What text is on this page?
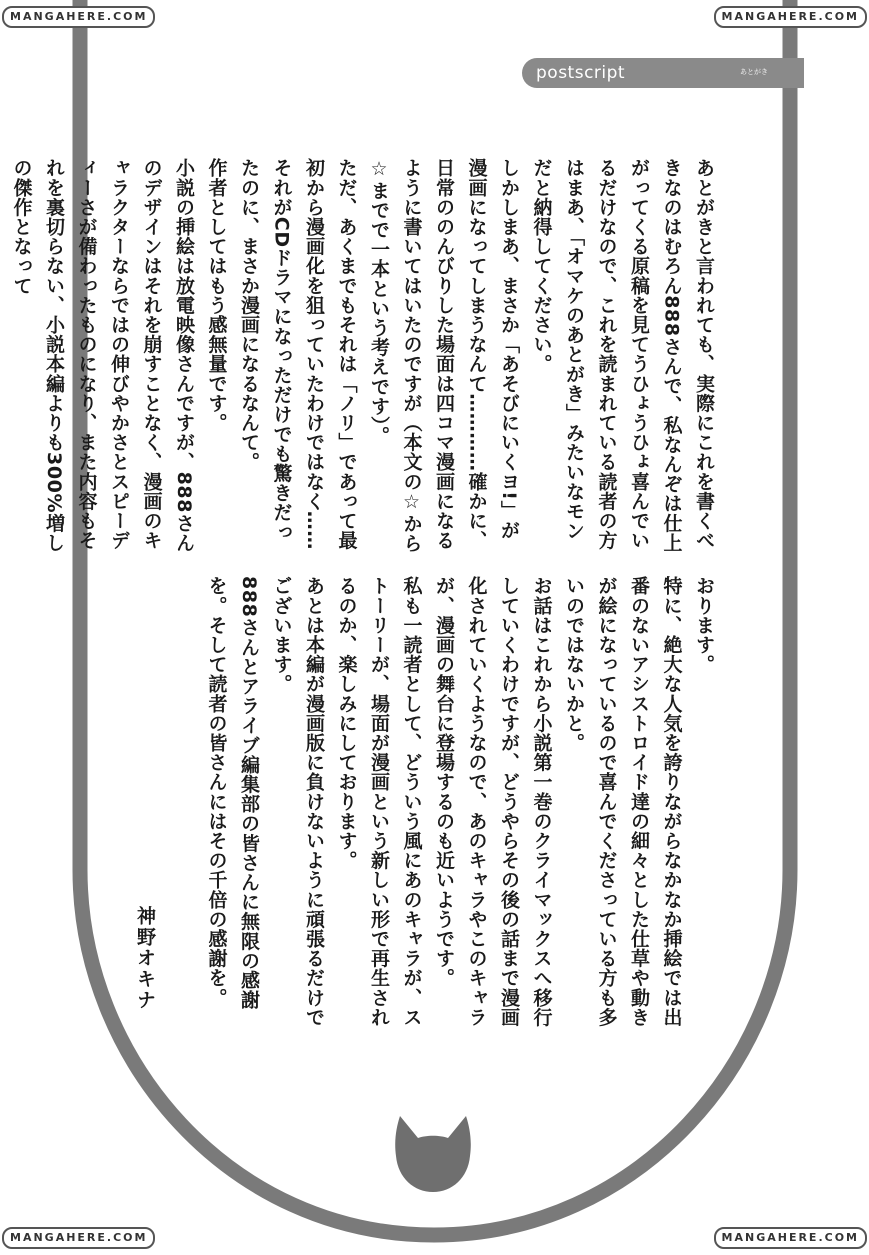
MANGAHERE.COM	MANGAHERE.COM
MANGAHERE.COM	MANGAHERE.COM
postscript	あとがき

あとがきと言われても、実際にこれを書くべきなのはむろん888さんで、私なんぞは仕上がってくる原稿を見てうひょうひょ喜んでいるだけなので、これを読まれている読者の方はまあ、「オマケのあとがき」みたいなモンだと納得してください。

しかしまあ、まさか「あそびにいくヨ!」が漫画になってしまうなんて…………確かに、日常ののんびりした場面は四コマ漫画になるように書いてはいたのですが（本文の☆から☆までで一本という考えです）。

ただ、あくまでもそれは「ノリ」であって最初から漫画化を狙っていたわけではなく……それがCDドラマになっただけでも驚きだったのに、まさか漫画になるなんて。

作者としてはもう感無量です。

小説の挿絵は放電映像さんですが、888さんのデザインはそれを崩すことなく、漫画のキャラクターならではの伸びやかさとスピーディーさが備わったものになり、また内容もそれを裏切らない、小説本編よりも300%増しの傑作となって

おります。

特に、絶大な人気を誇りながらなかなか挿絵では出番のないアシストロイド達の細々とした仕草や動きが絵になっているので喜んでくださっている方も多いのではないかと。

お話はこれから小説第一巻のクライマックスへ移行していくわけですが、どうやらその後の話まで漫画化されていくようなので、あのキャラやこのキャラが、漫画の舞台に登場するのも近いようです。

私も一読者として、どういう風にあのキャラが、ストーリーが、場面が漫画という新しい形で再生されるのか、楽しみにしております。

あとは本編が漫画版に負けないように頑張るだけでございます。

888さんとアライブ編集部の皆さんに無限の感謝を。そして読者の皆さんにはその千倍の感謝を。

神野オキナ
